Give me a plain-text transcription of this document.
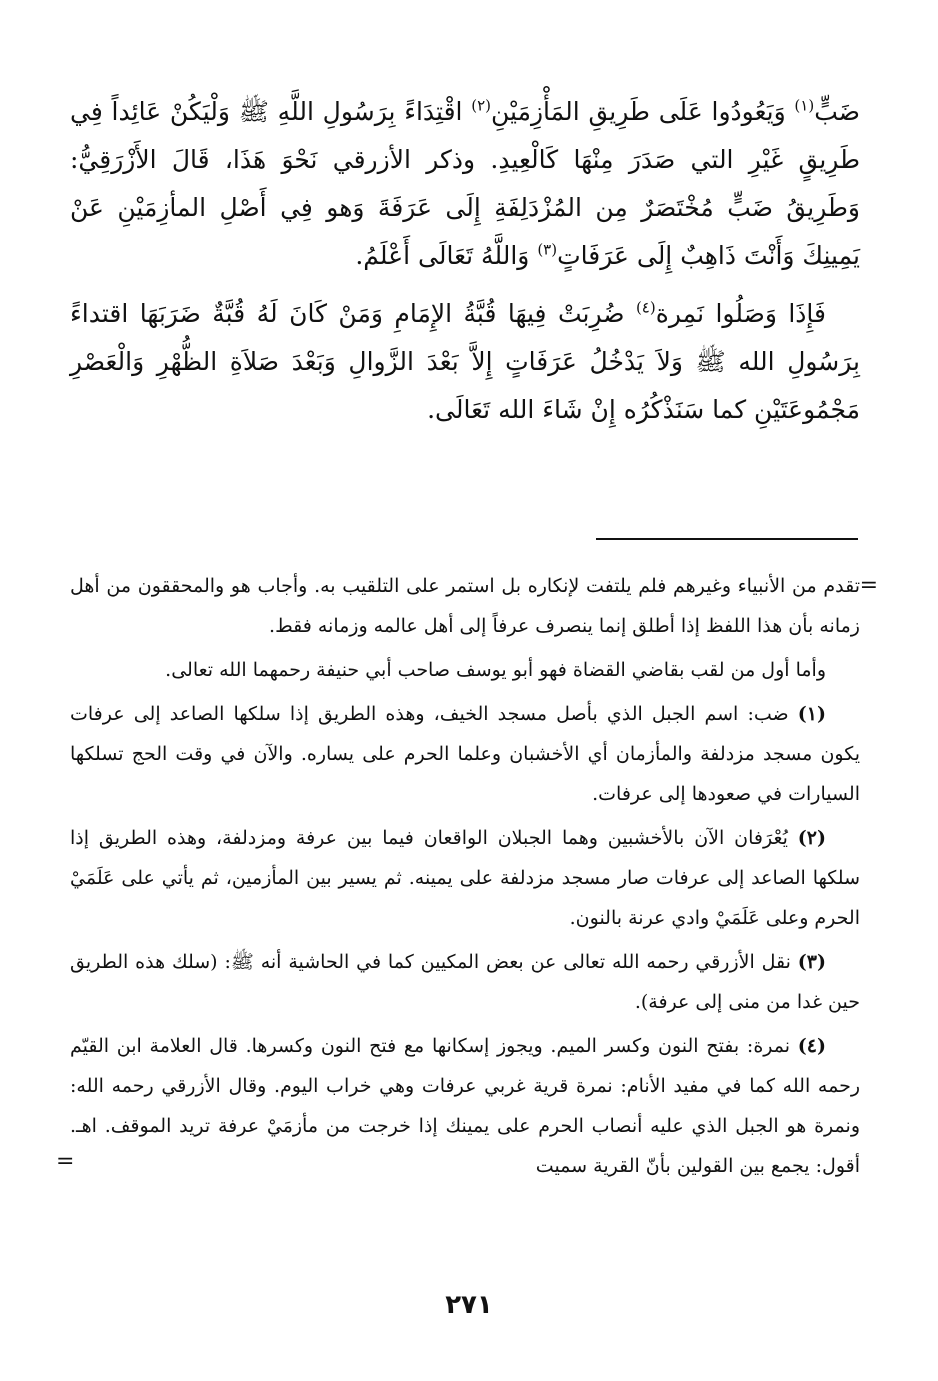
ضَبٍّ$^{(١)}$ وَيَعُودُوا عَلَى طَرِيقِ المَأْزِمَيْنِ$^{(٢)}$ اقْتِدَاءً بِرَسُولِ اللَّهِ ﷺ وَلْيَكُنْ عَائِداً فِي طَرِيقٍ غَيْرِ التي صَدَرَ مِنْهَا كَالْعِيدِ. وذكر الأزرقي نَحْوَ هَذَا، قَالَ الأَزْرَقِيُّ: وَطَرِيقُ ضَبٍّ مُخْتَصَرٌ مِن المُزْدَلِفَةِ إِلَى عَرَفَةَ وَهو فِي أَصْلِ المأزِمَيْنِ عَنْ يَمِينِكَ وَأَنْتَ ذَاهِبٌ إِلَى عَرَفَاتٍ$^{(٣)}$ وَاللَّهُ تَعَالَى أَعْلَمُ.

فَإِذَا وَصَلُوا نَمِرة$^{(٤)}$ ضُرِبَتْ فِيهَا قُبَّةُ الإِمَامِ وَمَنْ كَانَ لَهُ قُبَّةٌ ضَرَبَهَا اقتداءً بِرَسُولِ الله ﷺ وَلاَ يَدْخُلُ عَرَفَاتٍ إِلاَّ بَعْدَ الزَّوالِ وَبَعْدَ صَلاَةِ الظُّهْرِ وَالْعَصْرِ مَجْمُوعَتَيْنِ كما سَنَذْكُرُه إِنْ شَاءَ الله تَعَالَى.

=
تقدم من الأنبياء وغيرهم فلم يلتفت لإنكاره بل استمر على التلقيب به. وأجاب هو والمحققون من أهل زمانه بأن هذا اللفظ إذا أطلق إنما ينصرف عرفاً إلى أهل عالمه وزمانه فقط.

وأما أول من لقب بقاضي القضاة فهو أبو يوسف صاحب أبي حنيفة رحمهما الله تعالى.

(١) ضب: اسم الجبل الذي بأصل مسجد الخيف، وهذه الطريق إذا سلكها الصاعد إلى عرفات يكون مسجد مزدلفة والمأزمان أي الأخشبان وعلما الحرم على يساره. والآن في وقت الحج تسلكها السيارات في صعودها إلى عرفات.

(٢) يُعْرَفان الآن بالأخشبين وهما الجبلان الواقعان فيما بين عرفة ومزدلفة، وهذه الطريق إذا سلكها الصاعد إلى عرفات صار مسجد مزدلفة على يمينه. ثم يسير بين المأزمين، ثم يأتي على عَلَمَيْ الحرم وعلى عَلَمَيْ وادي عرنة بالنون.

(٣) نقل الأزرقي رحمه الله تعالى عن بعض المكيين كما في الحاشية أنه ﷺ: (سلك هذه الطريق حين غدا من منى إلى عرفة).

(٤) نمرة: بفتح النون وكسر الميم. ويجوز إسكانها مع فتح النون وكسرها. قال العلامة ابن القيّم رحمه الله كما في مفيد الأنام: نمرة قرية غربي عرفات وهي خراب اليوم. وقال الأزرقي رحمه الله: ونمرة هو الجبل الذي عليه أنصاب الحرم على يمينك إذا خرجت من مأزمَيْ عرفة تريد الموقف. اهـ. أقول: يجمع بين القولين بأنّ القرية سميت
=

٢٧١
